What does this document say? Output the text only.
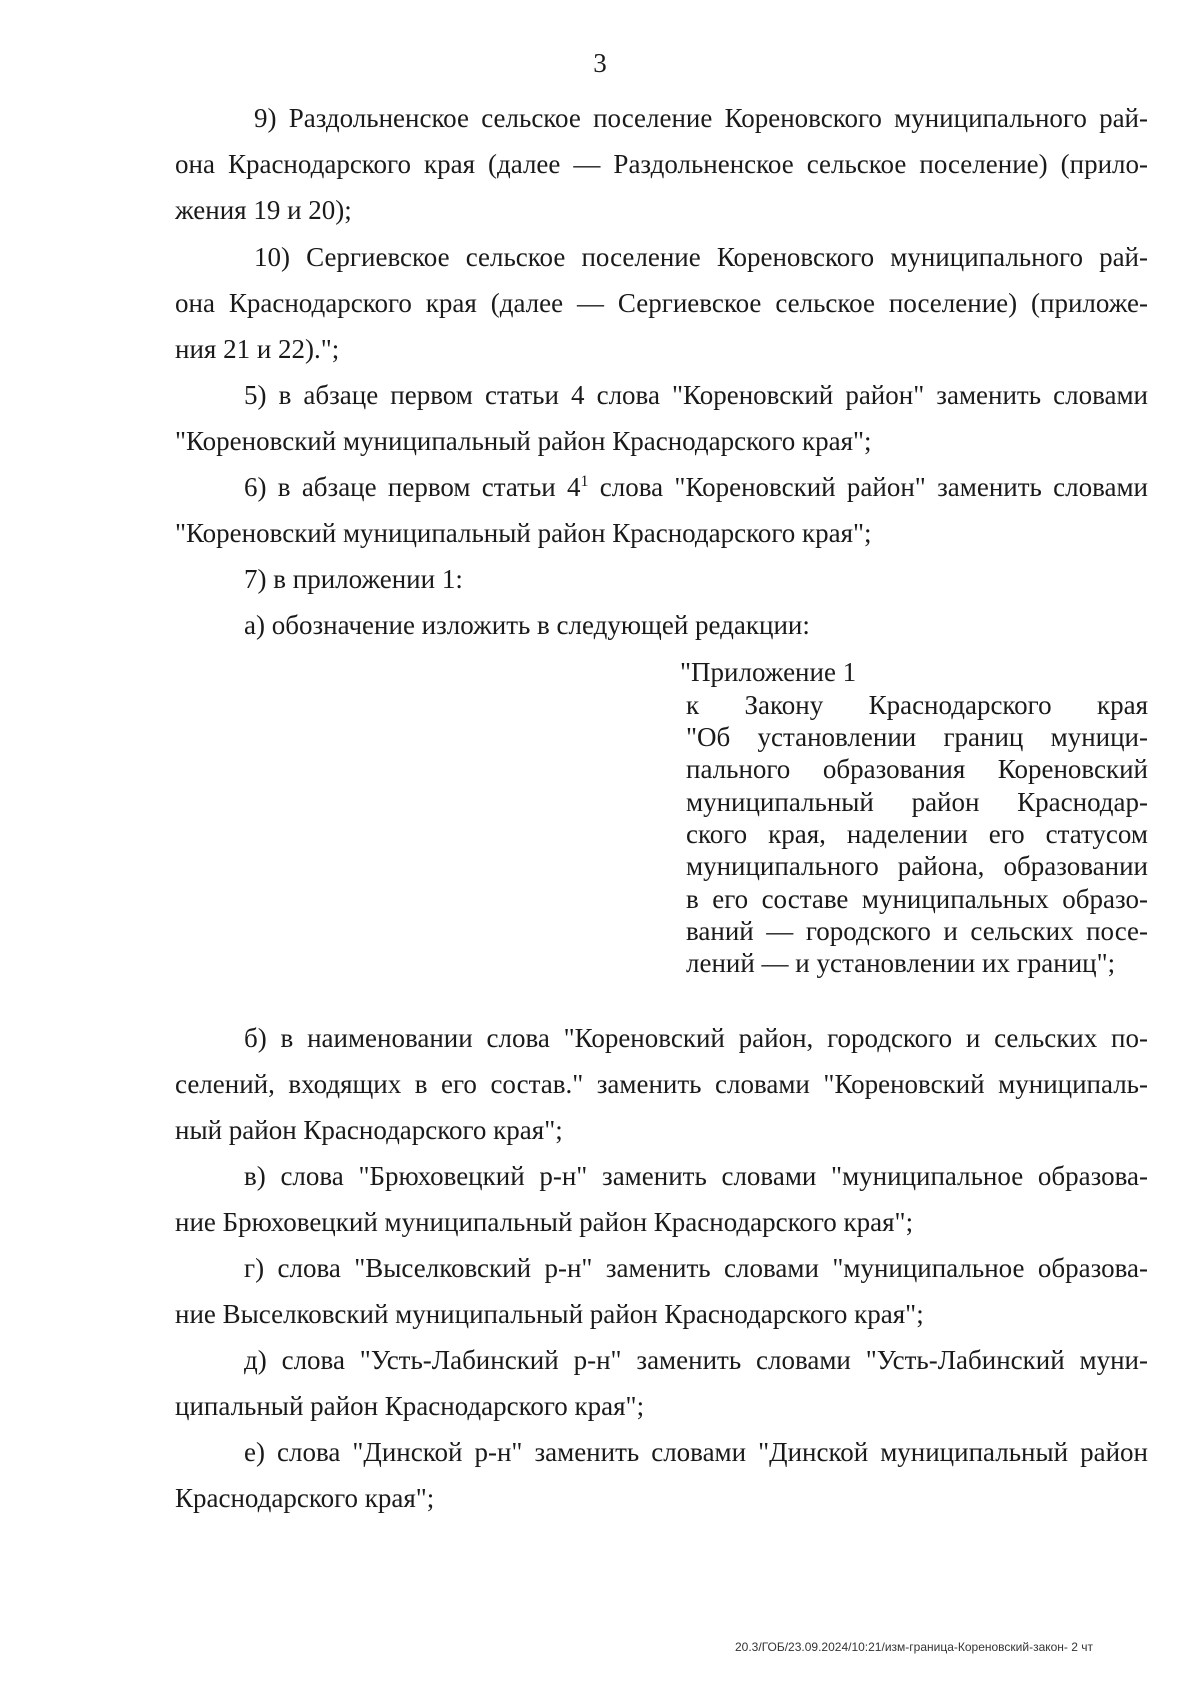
3
9) Раздольненское сельское поселение Кореновского муниципального рай-
она Краснодарского края (далее — Раздольненское сельское поселение) (прило-
жения 19 и 20);
10) Сергиевское сельское поселение Кореновского муниципального рай-
она Краснодарского края (далее — Сергиевское сельское поселение) (приложе-
ния 21 и 22).";
5) в абзаце первом статьи 4 слова "Кореновский район" заменить словами
"Кореновский муниципальный район Краснодарского края";
6) в абзаце первом статьи $4^1$ слова "Кореновский район" заменить словами
"Кореновский муниципальный район Краснодарского края";
7) в приложении 1:
а) обозначение изложить в следующей редакции:
"Приложение 1
к Закону Краснодарского края
"Об установлении границ муници-
пального образования Кореновский
муниципальный район Краснодар-
ского края, наделении его статусом
муниципального района, образовании
в его составе муниципальных образо-
ваний — городского и сельских посе-
лений — и установлении их границ";
б) в наименовании слова "Кореновский район, городского и сельских по-
селений, входящих в его состав." заменить словами "Кореновский муниципаль-
ный район Краснодарского края";
в) слова "Брюховецкий р-н" заменить словами "муниципальное образова-
ние Брюховецкий муниципальный район Краснодарского края";
г) слова "Выселковский р-н" заменить словами "муниципальное образова-
ние Выселковский муниципальный район Краснодарского края";
д) слова "Усть-Лабинский р-н" заменить словами "Усть-Лабинский муни-
ципальный район Краснодарского края";
е) слова "Динской р-н" заменить словами "Динской муниципальный район
Краснодарского края";
20.3/ГОБ/23.09.2024/10:21/изм-граница-Кореновский-закон- 2 чт
